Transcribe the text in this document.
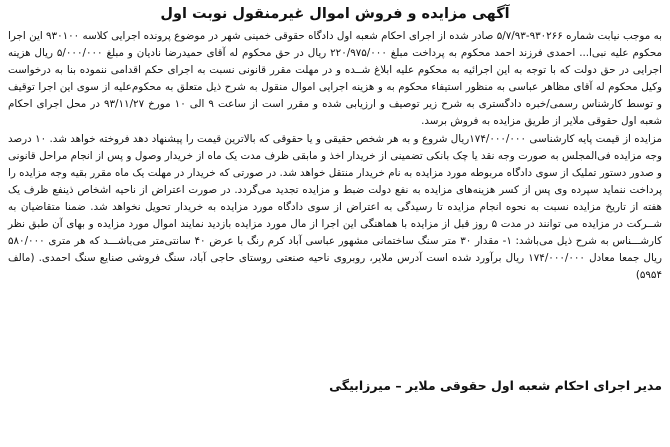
آگهی مزایده و فروش اموال غیرمنقول نوبت اول

به موجب نیابت شماره ۹۳۰۲۶۶-۵/۷/۹۳ صادر شده از اجرای احکام شعبه اول دادگاه حقوقی خمینی شهر در موضوع پرونده اجرایی کلاسه ۹۳۰۱۰۰ این اجرا محکوم علیه نبی‌ا... احمدی فرزند احمد محکوم به پرداخت مبلغ ۲۲۰/۹۷۵/۰۰۰ ریال در حق محکوم له آقای حمیدرضا نادیان و مبلغ ۵/۰۰۰/۰۰۰ ریال هزینه اجرایی در حق دولت که با توجه به این اجرائیه به محکوم علیه ابلاغ شــده و در مهلت مقرر قانونی نسبت به اجرای حکم اقدامی ننموده بنا به درخواست وکیل محکوم له آقای مظاهر عباسی به منظور استیفاء محکوم به و هزینه اجرایی اموال منقول به شرح ذیل متعلق به محکوم‌علیه از سوی این اجرا توقیف و توسط کارشناس رسمی/خبره دادگستری به شرح زیر توصیف و ارزیابی شده و مقرر است از ساعت ۹ الی ۱۰ مورخ ۹۳/۱۱/۲۷ در محل اجرای احکام شعبه اول حقوقی ملایر از طریق مزایده به فروش برسد.

مزایده از قیمت پایه کارشناسی ۱۷۴/۰۰۰/۰۰۰ریال شروع و به هر شخص حقیقی و یا حقوقی که بالاترین قیمت را پیشنهاد دهد فروخته خواهد شد. ۱۰ درصد وجه مزایده فی‌المجلس به صورت وجه نقد یا چک بانکی تضمینی از خریدار اخذ و مابقی ظرف مدت یک ماه از خریدار وصول و پس از انجام مراحل قانونی و صدور دستور تملیک از سوی دادگاه مربوطه مورد مزایده به نام خریدار منتقل خواهد شد. در صورتی که خریدار در مهلت یک ماه مقرر بقیه وجه مزایده را پرداخت ننماید سپرده وی پس از کسر هزینه‌های مزایده به نفع دولت ضبط و مزایده تجدید می‌گردد. در صورت اعتراض از ناحیه اشخاص ذینفع ظرف یک هفته از تاریخ مزایده نسبت به نحوه انجام مزایده تا رسیدگی به اعتراض از سوی دادگاه مورد مزایده به خریدار تحویل نخواهد شد. ضمنا متقاضیان به شــرکت در مزایده می توانند در مدت ۵ روز قبل از مزایده با هماهنگی این اجرا از مال مورد مزایده بازدید نمایند اموال مورد مزایده و بهای آن طبق نظر کارشـــناس به شرح ذیل می‌باشد: ۱- مقدار ۳۰ متر سنگ ساختمانی مشهور عباسی آباد کرم رنگ با عرض ۴۰ سانتی‌متر می‌باشـــد که هر متری ۵۸۰/۰۰۰ ریال جمعا معادل ۱۷۴/۰۰۰/۰۰۰ ریال برآورد شده است آدرس ملایر، روبروی ناحیه صنعتی روستای حاجی آباد، سنگ فروشی صنایع سنگ احمدی. (مالف ۵۹۵۴)

مدیر اجرای احکام شعبه اول حقوقی ملایر – میرزابیگی
